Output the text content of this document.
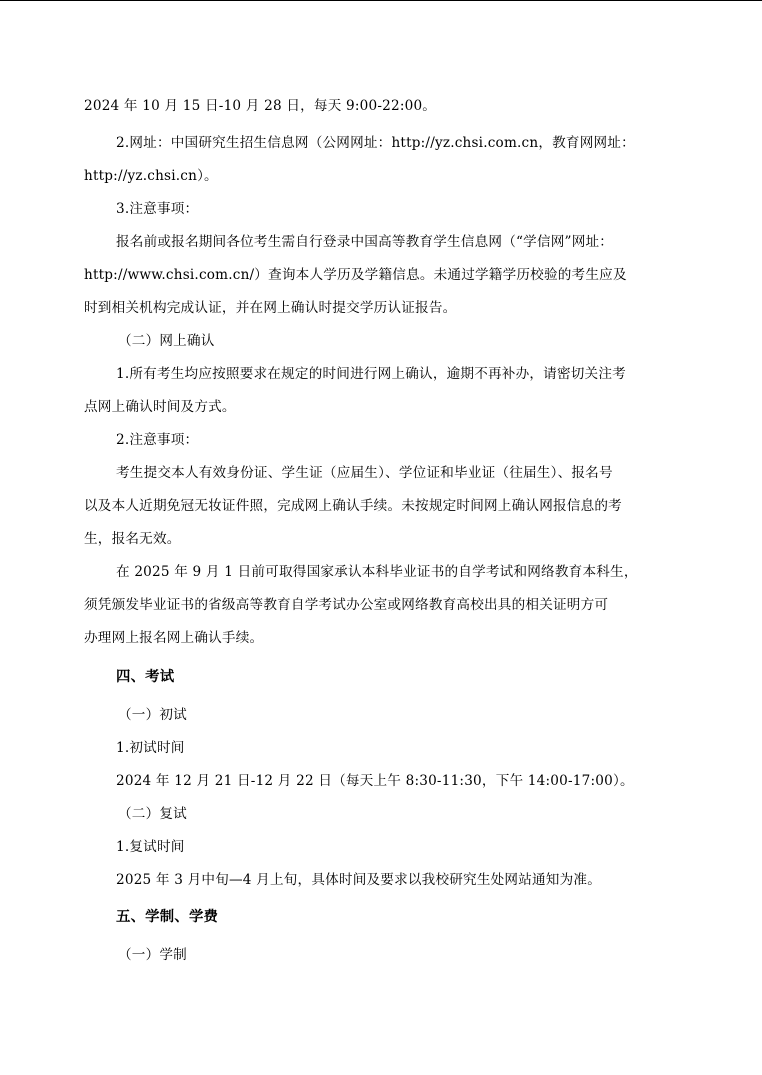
2024 年 10 月 15 日-10 月 28 日，每天 9:00-22:00。
2.网址：中国研究生招生信息网（公网网址：http://yz.chsi.com.cn，教育网网址：
http://yz.chsi.cn）。
3.注意事项：
报名前或报名期间各位考生需自行登录中国高等教育学生信息网（“学信网”网址：
http://www.chsi.com.cn/）查询本人学历及学籍信息。未通过学籍学历校验的考生应及
时到相关机构完成认证，并在网上确认时提交学历认证报告。
（二）网上确认
1.所有考生均应按照要求在规定的时间进行网上确认，逾期不再补办，请密切关注考
点网上确认时间及方式。
2.注意事项：
考生提交本人有效身份证、学生证（应届生）、学位证和毕业证（往届生）、报名号
以及本人近期免冠无妆证件照，完成网上确认手续。未按规定时间网上确认网报信息的考
生，报名无效。
在 2025 年 9 月 1 日前可取得国家承认本科毕业证书的自学考试和网络教育本科生，
须凭颁发毕业证书的省级高等教育自学考试办公室或网络教育高校出具的相关证明方可
办理网上报名网上确认手续。
四、考试
（一）初试
1.初试时间
2024 年 12 月 21 日-12 月 22 日（每天上午 8:30-11:30，下午 14:00-17:00）。
（二）复试
1.复试时间
2025 年 3 月中旬—4 月上旬，具体时间及要求以我校研究生处网站通知为准。
五、学制、学费
（一）学制
